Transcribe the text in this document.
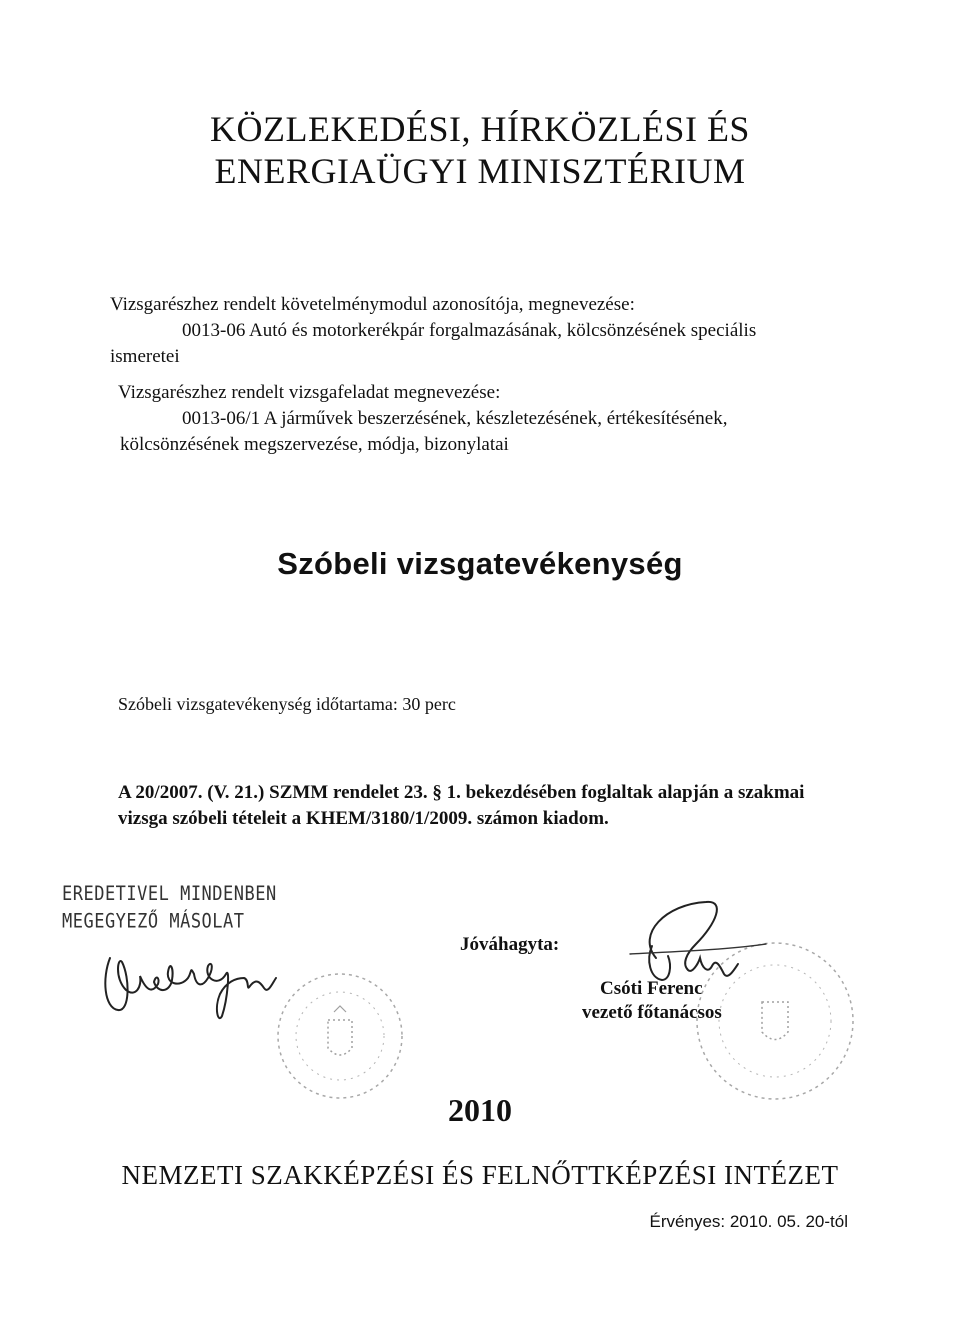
KÖZLEKEDÉSI, HÍRKÖZLÉSI ÉS
ENERGIAÜGYI MINISZTÉRIUM
Vizsgarészhez rendelt követelménymodul azonosítója, megnevezése:
0013-06 Autó és motorkerékpár forgalmazásának, kölcsönzésének speciális
ismeretei
Vizsgarészhez rendelt vizsgafeladat megnevezése:
0013-06/1 A járművek beszerzésének, készletezésének, értékesítésének,
kölcsönzésének megszervezése, módja, bizonylatai
Szóbeli vizsgatevékenység
Szóbeli vizsgatevékenység időtartama: 30 perc
A 20/2007. (V. 21.) SZMM rendelet 23. § 1. bekezdésében foglaltak alapján a szakmai
vizsga szóbeli tételeit a KHEM/3180/1/2009. számon kiadom.
EREDETIVEL MINDENBEN
MEGEGYEZŐ MÁSOLAT
Jóváhagyta:
Csóti Ferenc
vezető főtanácsos
2010
NEMZETI SZAKKÉPZÉSI ÉS FELNŐTTKÉPZÉSI INTÉZET
Érvényes: 2010. 05. 20-tól
